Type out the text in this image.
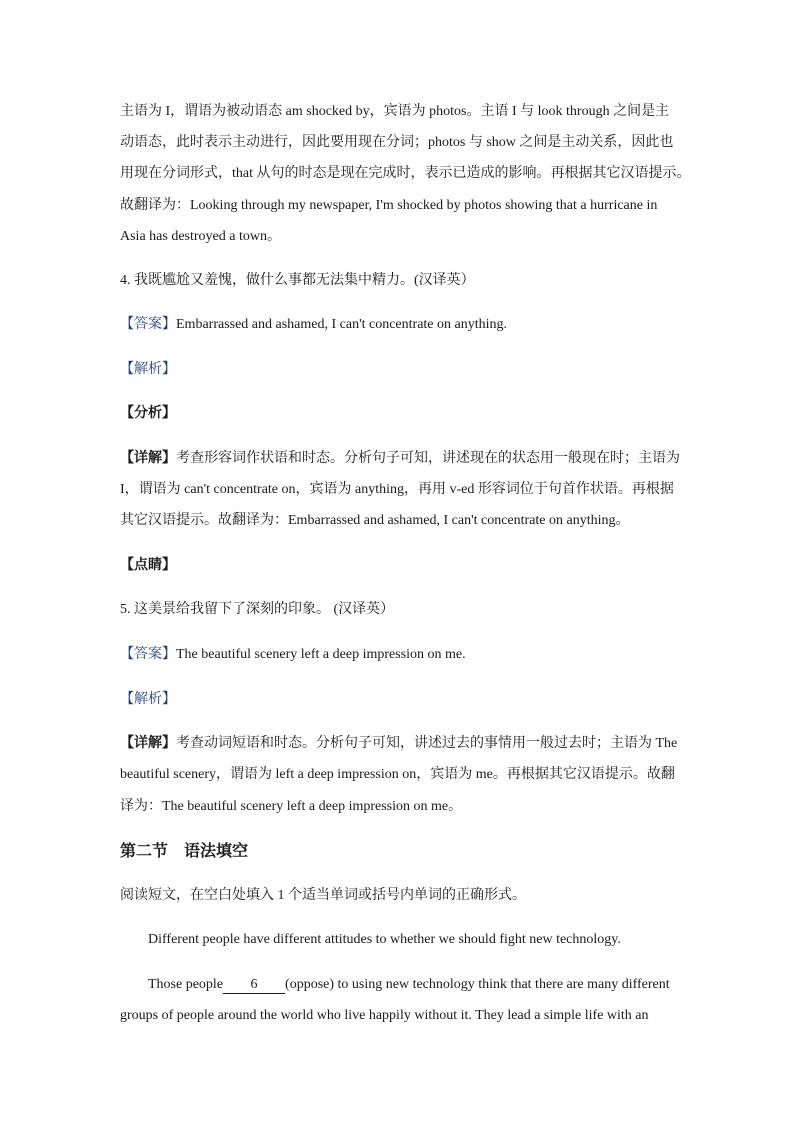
主语为 I，谓语为被动语态 am shocked by，宾语为 photos。主语 I 与 look through 之间是主
动语态，此时表示主动进行，因此要用现在分词；photos 与 show 之间是主动关系，因此也
用现在分词形式，that 从句的时态是现在完成时，表示已造成的影响。再根据其它汉语提示。
故翻译为：Looking through my newspaper, I'm shocked by photos showing that a hurricane in
Asia has destroyed a town。
4. 我既尴尬又羞愧，做什么事都无法集中精力。(汉译英）
【答案】Embarrassed and ashamed, I can't concentrate on anything.
【解析】
【分析】
【详解】考查形容词作状语和时态。分析句子可知，讲述现在的状态用一般现在时；主语为
I，谓语为 can't concentrate on，宾语为 anything，再用 v-ed 形容词位于句首作状语。再根据
其它汉语提示。故翻译为：Embarrassed and ashamed, I can't concentrate on anything。
【点睛】
5. 这美景给我留下了深刻的印象。 (汉译英）
【答案】The beautiful scenery left a deep impression on me.
【解析】
【详解】考查动词短语和时态。分析句子可知，讲述过去的事情用一般过去时；主语为 The
beautiful scenery，谓语为 left a deep impression on，宾语为 me。再根据其它汉语提示。故翻
译为：The beautiful scenery left a deep impression on me。
第二节　语法填空
阅读短文，在空白处填入 1 个适当单词或括号内单词的正确形式。
Different people have different attitudes to whether we should fight new technology.
Those people 6 (oppose) to using new technology think that there are many different
groups of people around the world who live happily without it. They lead a simple life with an
